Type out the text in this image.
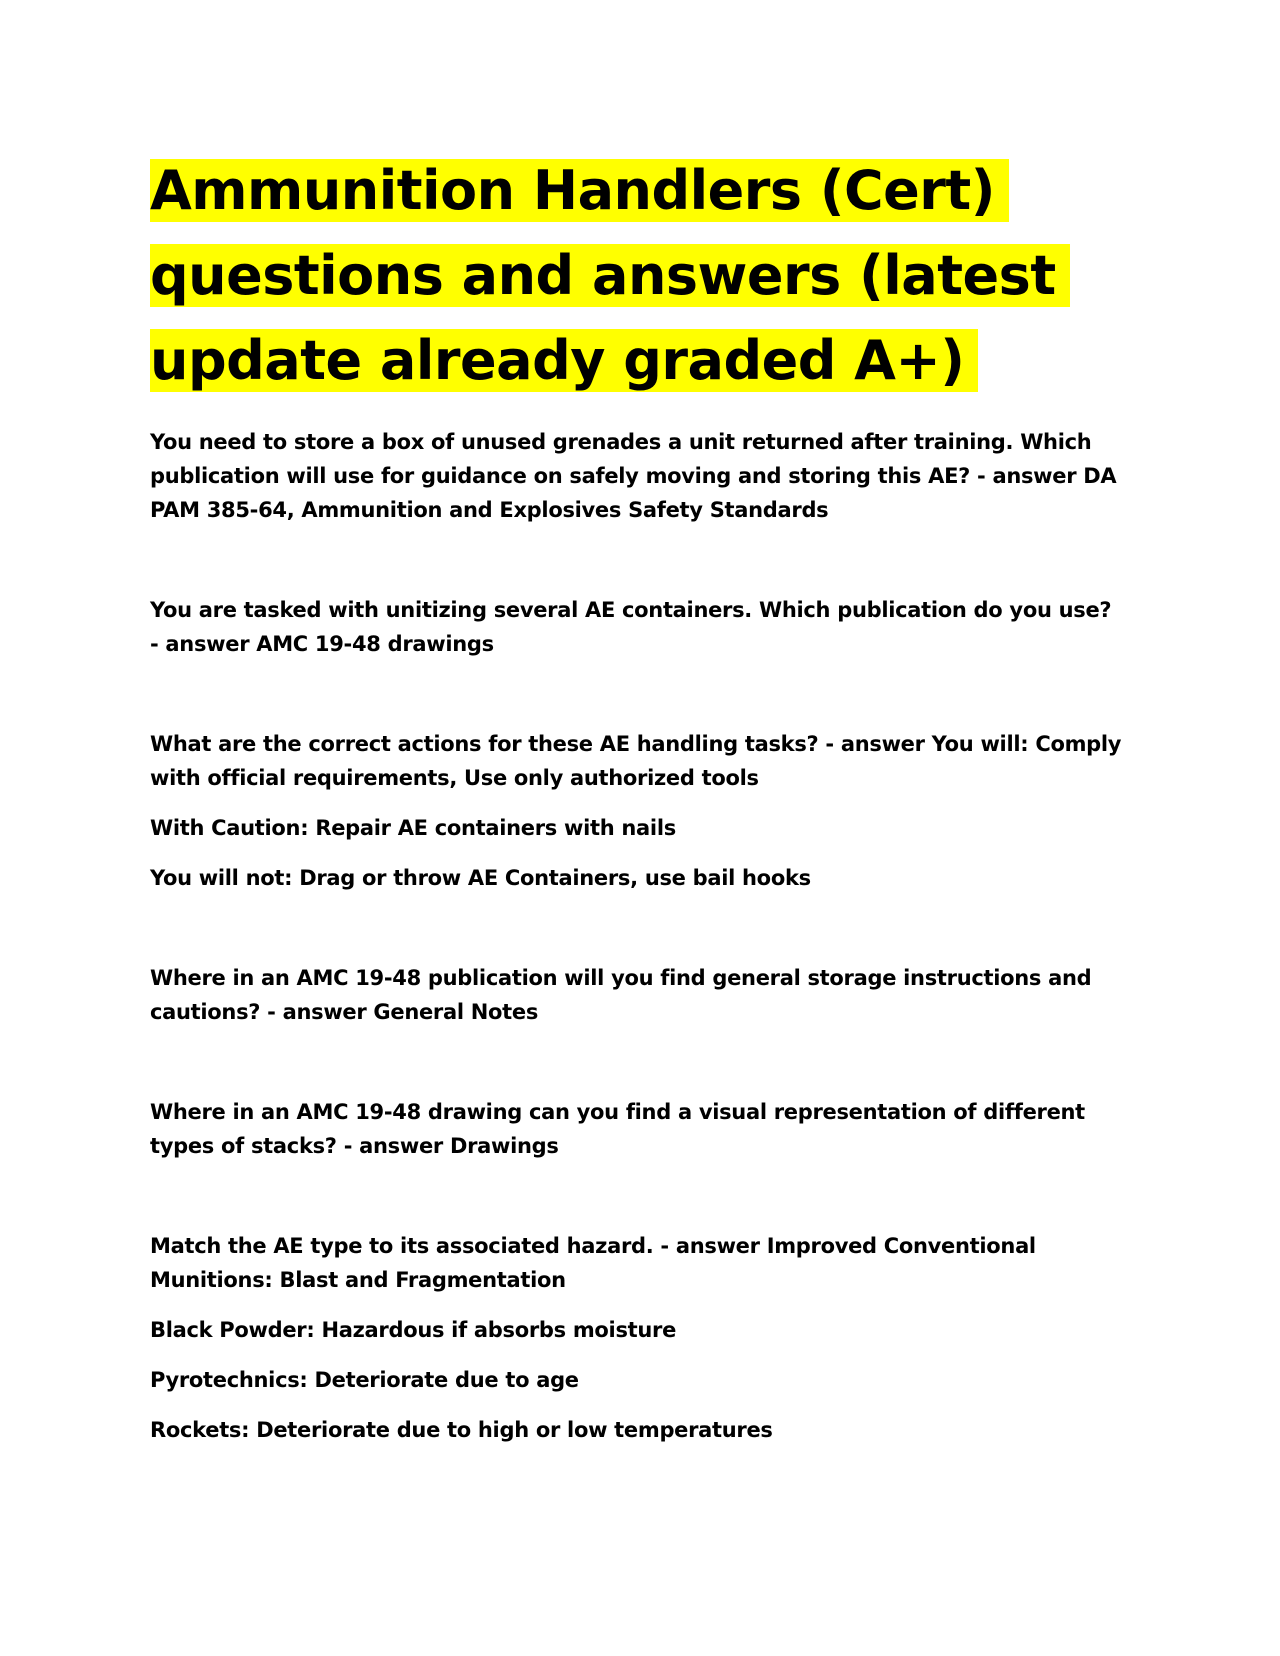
Ammunition Handlers (Cert)
questions and answers (latest
update already graded A+)

You need to store a box of unused grenades a unit returned after training. Which publication will use for guidance on safely moving and storing this AE? - answer DA PAM 385-64, Ammunition and Explosives Safety Standards

You are tasked with unitizing several AE containers. Which publication do you use? - answer AMC 19-48 drawings

What are the correct actions for these AE handling tasks? - answer You will: Comply with official requirements, Use only authorized tools

With Caution: Repair AE containers with nails

You will not: Drag or throw AE Containers, use bail hooks

Where in an AMC 19-48 publication will you find general storage instructions and cautions? - answer General Notes

Where in an AMC 19-48 drawing can you find a visual representation of different types of stacks? - answer Drawings

Match the AE type to its associated hazard. - answer Improved Conventional Munitions: Blast and Fragmentation

Black Powder: Hazardous if absorbs moisture

Pyrotechnics: Deteriorate due to age

Rockets: Deteriorate due to high or low temperatures
